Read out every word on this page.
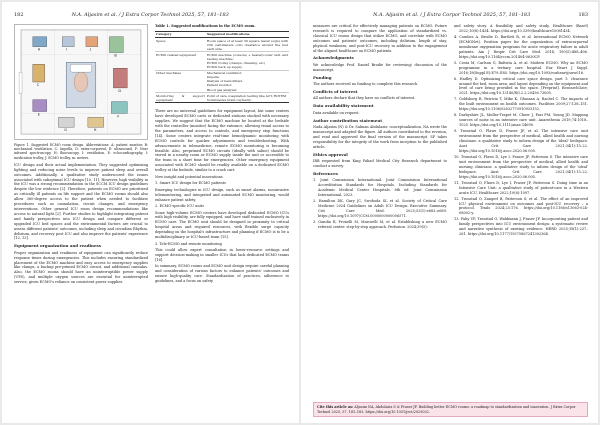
182	N.A. Aljasim et al. / J Extra Corpor Technol 2025, 57, 181–183
A
B
C
D
E	F
G	H
I	J
Figure 1. Suggested ECMO room design. Abbreviations: A: patient monitor, B: mechanical ventilation, C: Impella, D: extra-corporeal, E: ultrasound, F: Near infrared spectroscopy, H: fluoroscopy, I: ventilation, E: echocardiography, I: medication trolley, J: ECMO trolley, m: meters.

ICU design and their actual implementation. They suggested optimizing lighting and reducing noise levels to improve patient sleep and overall outcomes. Additionally, a qualitative study underscored the issues associated with suboptimal ICU design [10, 11]. However, high visibility in the ICU was a strong recommendation in the SCCM ICU design guidelines despite the low evidence [2]. Therefore, patients on ECMO are prioritized as critically ill patients on life support and the ECMO rooms should also allow 360-degree access to the patient when needed to facilitate procedures such as cannulation, circuit changes, and emergency interventions. Other general ICU room design recommendations like access to natural light [2]. Further studies to highlight integrating patient and family perspectives into ICU design and compare different or upgraded ICU bed spaces and the environmental factors are crucial to assess different patients' outcomes, including sleep and circadian Rhythm, delirium, and recovery post ICU and also improve the patients' experience [12, 13].

Equipment organization and readiness

Proper organization and readiness of equipment can significantly reduce response times during emergencies. This includes ensuring standardized placement of the ECMO machine and easy access to emergency supplies like clamps, a backup pre-primed ECMO circuit, and additional cannulas. Also, the ECMO rooms should have an uninterruptible power supply (UPS), and multiple oxygen sources are essential for uninterrupted service, given ECMO's reliance on consistent power supplies.

Table 1. Suggested modifications in the ECMO room.
Category	Suggested modifications
Space	Room space of at least 30 square meter (sqm) with 230 centimeters (cm) clearance around the bed each side.

ECMO related equipment	ECMO machine (console) + heater/cooler unit, and backup machine.
ECMO trolley (clamps, dressing, etc)
ECMO back up supply.

Other machines	Mechanical ventilator.
Impella.
Dialysis or hemofilters.
Patient monitor.
Blood gas analyzer.

Monitoring & support equipment	Point of care coagulation testing like ACT, ROTEM
Noninvasive brain oxymetry.

There are no universal guidelines for equipment layout, but some centers have developed ECMO carts or dedicated stations stocked with necessary supplies. We suggest that the ECMO machine be located at the bedside with the controller (monitor) facing the entrance, allowing visual access to the parameters, and access to controls, and emergency stop functions [14]. Some centers integrate real-time hemodynamic monitoring with ECMO controls for quicker adjustments and troubleshooting. With advancements in telemedicine, remote ECMO monitoring is becoming feasible. Also, preprimed ECMO circuits (ideally with saline) should be stored in a nearby room or ECMO supply inside the unit or accessible to the team in a short time for emergencies. Other emergency equipment associated with ECMO should be readily available on a dedicated ECMO trolley at the bedside, similar to a crash cart.

New insight and potential innovations

1. Smart ICU design for ECMO patients

Emerging technologies in ICU design, such as smart alarms, noninvasive telemonitoring, and integrated and automated ECMO monitoring, would enhance patient safety.

2. ECMO-specific ICU units

Some high-volume ECMO centers have developed dedicated ECMO ICUs with high visibility, are fully equipped, and have staff trained exclusively in ECMO care. The ECMO unit should be designed in proximity to critical hospital areas and required resources, with flexible surge capacity depending on the hospital's infrastructure and planning if ECMO is to be a multidisciplinary or ICU-based team [15].

3. Tele-ECMO and remote monitoring

This could allow expert consultation in lower-resource settings and support decision-making in smaller ICUs that lack dedicated ECMO teams [16].

In summary, ECMO rooms and ECMO unit design require careful planning and consideration of various factors to enhance patients' outcomes and ensure high-quality care. Standardization of practices, adherence to guidelines, and a focus on safety

N.A. Aljasim et al. / J Extra Corpor Technol 2025, 57, 181–183	183

measures are critical for effectively managing patients on ECMO. Future research is required to compare the application of standardized vs. classical ICU rooms design that utilize ECMO, and correlate with ECMO outcomes and patients' outcomes, including delirium, length of stay, physical weakness, and post-ICU recovery in addition to the engagement of the aligned healthcare on ECMO patients.

Acknowledgments

We acknowledge Prof. Daniel Brodie for reviewing/ discussion of the manuscript.

Funding

The authors received no funding to complete this research.

Conflicts of interest

All authors declare that they have no conflicts of interest.

Data availability statement

Data available on request.

Author contribution statement

Nada Aljasim (N) & Dr. Salman Abdulaziz: conceptualization. NA wrote the manuscript and adapted the figure. All authors contributed to the revision, and read and approved the final version of the manuscript. SF takes responsibility for the integrity of the work from inception to the published article.

Ethics approval

IRB requested from King Fahad Medical City Research department to conduct a survey.

References

1. Joint Commission International. Joint Commission International Accreditation Standards for Hospitals. Including Standards for Academic Medical Center Hospitals. 8th ed. Joint Commission International, 2023.

2. Hamilton DK, Gary JC, Swoboda SL et al. Society of Critical Care Medicine 2024 Guidelines on Adult ICU Design: Executive Summary. Crit Care Med. 2025;53(1):e683–e689. https://doi.org/10.1097/CCM.0000000000006571.

3. Gandia R, Pronelli M, Maroselli M, et al. Establishing a new ECMO referral center: step-by-step approach. Perfusion. 2024;39(5):

and safety story. A feasibility and safety study. Healthcare (Basel) 2022;10(8):1434. https://doi.org/10.3390/healthcare10081434.

4. Combes A, Brodie D, Bartlett R, et al. International ECMO Network (ECMONet). Position paper for the organization of extracorporeal membrane oxygenation programs for acute respiratory failure in adult patients. Am J Respir Crit Care Med. 2014; 190(5):488–496. https://doi.org/10.1164/rccm.201404-0630CP.

5. Costa M, Carlson G, Baltista A, et al. Modern ECMO: Why an ECMO programme in a tertiary care hospital. Eur Heart J Suppl. 2016;18(Suppl E):E79–E85. https://doi.org/10.1093/eurheartj/suw016.

6. Hadley D. Optimizing critical care space design, part 1: clearance around the bed, room area, and layout depending on the equipment and level of care being provided in the space. [Preprint]. ResearchGate; 2021. https://doi.org/10.13140/RG.2.2.20436.73605.

7. Goldsborg R, Patricia T, Mike K, Ghassan A, Rachel C. The impacts of the built environment on health outcomes. Facilities 2009;27:138–151. https://doi.org/10.1108/02632770910933152.

8. Darbyshire JL, Muller-Trapet M, Cheer J, Fazi FM, Young JD. Mapping sources of noise in an intensive care unit. Anaesthesia 2019;74:1018–1025. https://doi.org/10.1111/anae.14690.

9. Tronstad O, Flaws D, Fraser JF, et al. The intensive care unit environment from the perspective of medical, allied health and nursing clinicians: a qualitative study to inform design of the 'ideal' bedspace. Aust Crit Care 2021;34(1):15–22. https://doi.org/10.1016/j.aucc.2020.06.005.

10. Tronstad O, Flaws D, Lye I, Fraser JF, Patterson S. The intensive care unit environment from the perspective of medical, allied health and nursing clinicians: a qualitative study to inform design of the 'ideal' bedspace. Aust Crit Care 2021;34(1):15–22. https://doi.org/10.1016/j.aucc.2020.06.005.

11. Tronstad O, Flaws D, Lye I, Fraser JF, Patterson S. Doing time in an Intensive Care Unit: a qualitative study of patient-care in a Western acute ICU. Healthcare 2022;10(6):1097.

12. Tronstad O, Zangerl B, Patterson S, et al. The effect of an improved ICU physical environment on outcomes and post-ICU recovery – a protocol. Trials 2024;25:176. https://doi.org/10.1186/s13063-024-08002-y.

13. Fahy VP, Tronstad O, Waldmann J, Fraser JF. Incorporating patient and family perspectives into ICU environment design: a systematic review and narrative synthesis of existing evidence. HERD 2025;18(1):237–261. https://doi.org/10.1177/19375867241302364.

Cite this article as: Aljasim NA, Abdulaziz S & Fraser JF. Building better ECMO rooms: a roadmap to standardization and innovation. J Extra Corpor Technol 2025, 57, 181–183. https://doi.org/10.1051/ject/2025032.
